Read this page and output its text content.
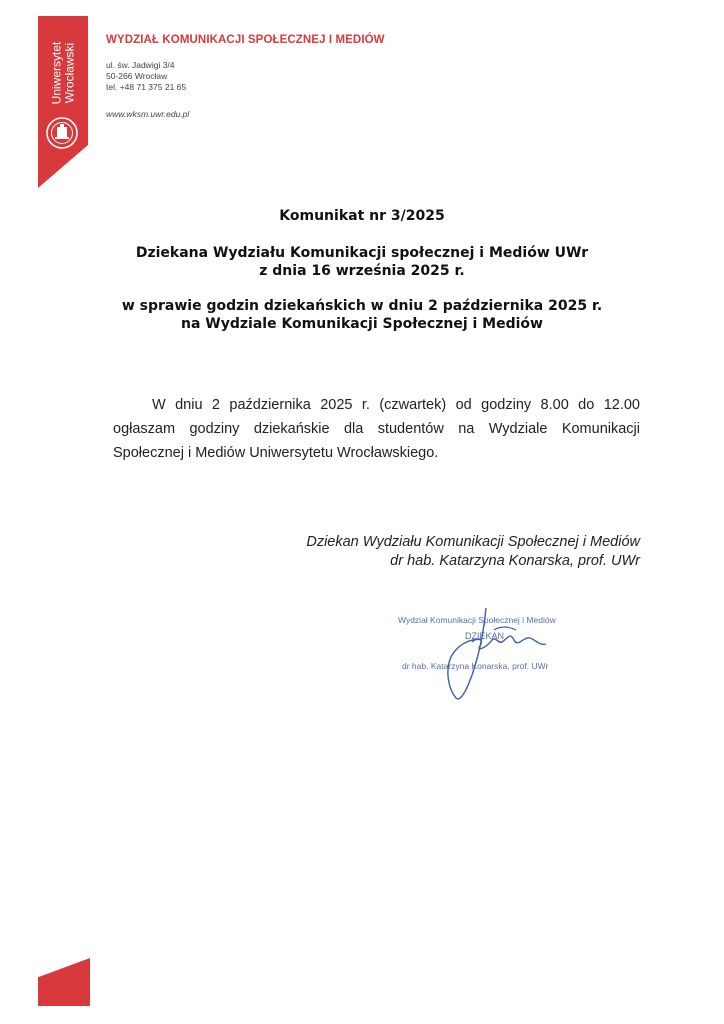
Uniwersytet Wrocławski
WYDZIAŁ KOMUNIKACJI SPOŁECZNEJ I MEDIÓW
ul. św. Jadwigi 3/4
50-266 Wrocław
tel. +48 71 375 21 65
www.wksm.uwr.edu.pl
Komunikat nr 3/2025
Dziekana Wydziału Komunikacji społecznej i Mediów UWr
z dnia 16 września 2025 r.
w sprawie godzin dziekańskich w dniu 2 października 2025 r.
na Wydziale Komunikacji Społecznej i Mediów
W dniu 2 października 2025 r. (czwartek) od godziny 8.00 do 12.00
ogłaszam godziny dziekańskie dla studentów na Wydziale Komunikacji
Społecznej i Mediów Uniwersytetu Wrocławskiego.
Dziekan Wydziału Komunikacji Społecznej i Mediów
dr hab. Katarzyna Konarska, prof. UWr
Wydział Komunikacji Społecznej i Mediów
DZIEKAN
dr hab. Katarzyna Konarska, prof. UWr
